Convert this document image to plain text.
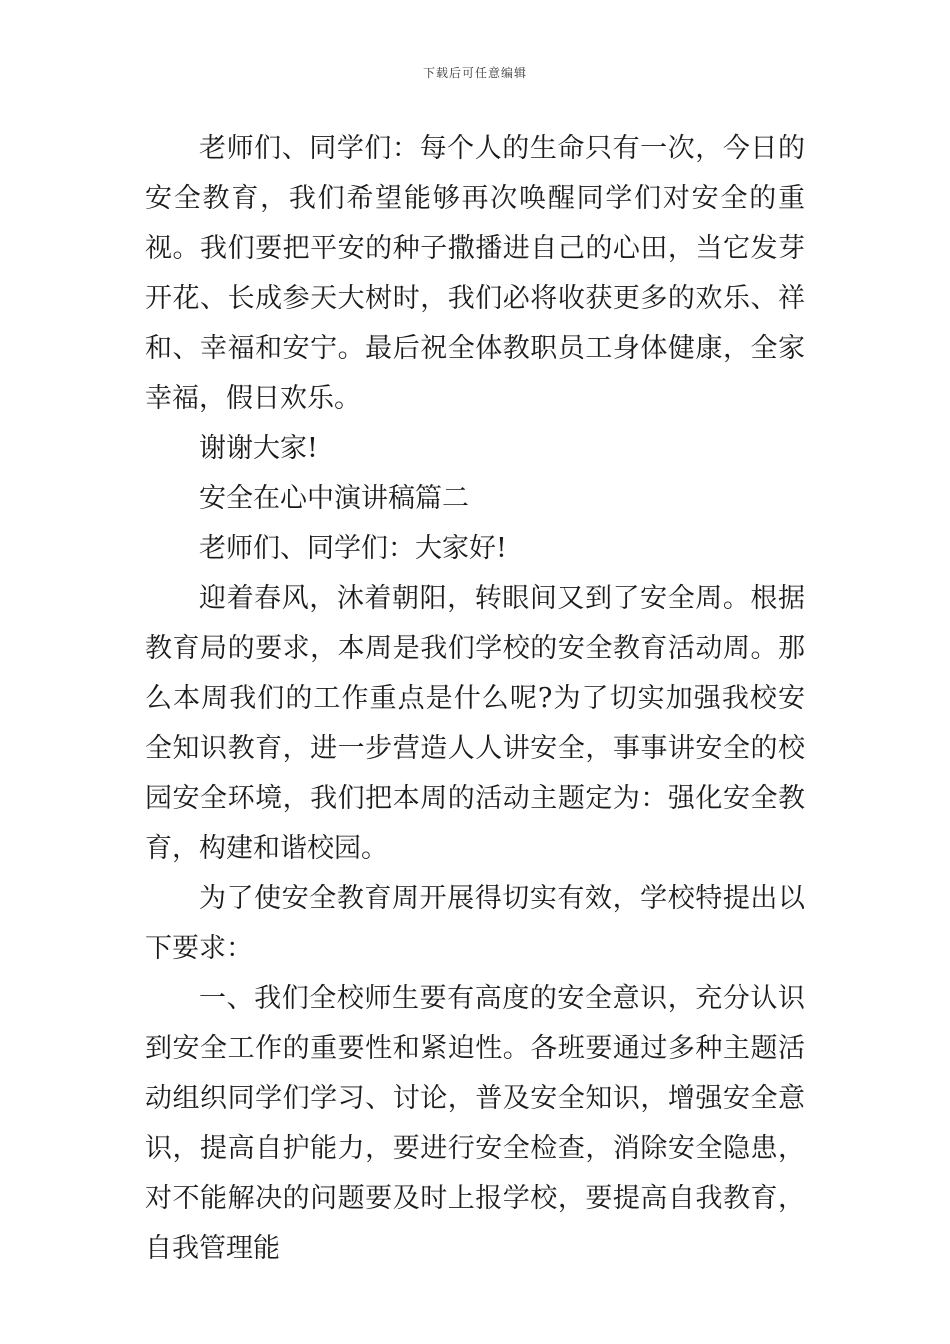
下载后可任意编辑

老师们、同学们：每个人的生命只有一次，今日的安全教育，我们希望能够再次唤醒同学们对安全的重视。我们要把平安的种子撒播进自己的心田，当它发芽开花、长成参天大树时，我们必将收获更多的欢乐、祥和、幸福和安宁。最后祝全体教职员工身体健康，全家幸福，假日欢乐。

谢谢大家!

安全在心中演讲稿篇二

老师们、同学们：大家好!

迎着春风，沐着朝阳，转眼间又到了安全周。根据教育局的要求，本周是我们学校的安全教育活动周。那么本周我们的工作重点是什么呢?为了切实加强我校安全知识教育，进一步营造人人讲安全，事事讲安全的校园安全环境，我们把本周的活动主题定为：强化安全教育，构建和谐校园。

为了使安全教育周开展得切实有效，学校特提出以下要求：

一、我们全校师生要有高度的安全意识，充分认识到安全工作的重要性和紧迫性。各班要通过多种主题活动组织同学们学习、讨论，普及安全知识，增强安全意识，提高自护能力，要进行安全检查，消除安全隐患，对不能解决的问题要及时上报学校，要提高自我教育，自我管理能
